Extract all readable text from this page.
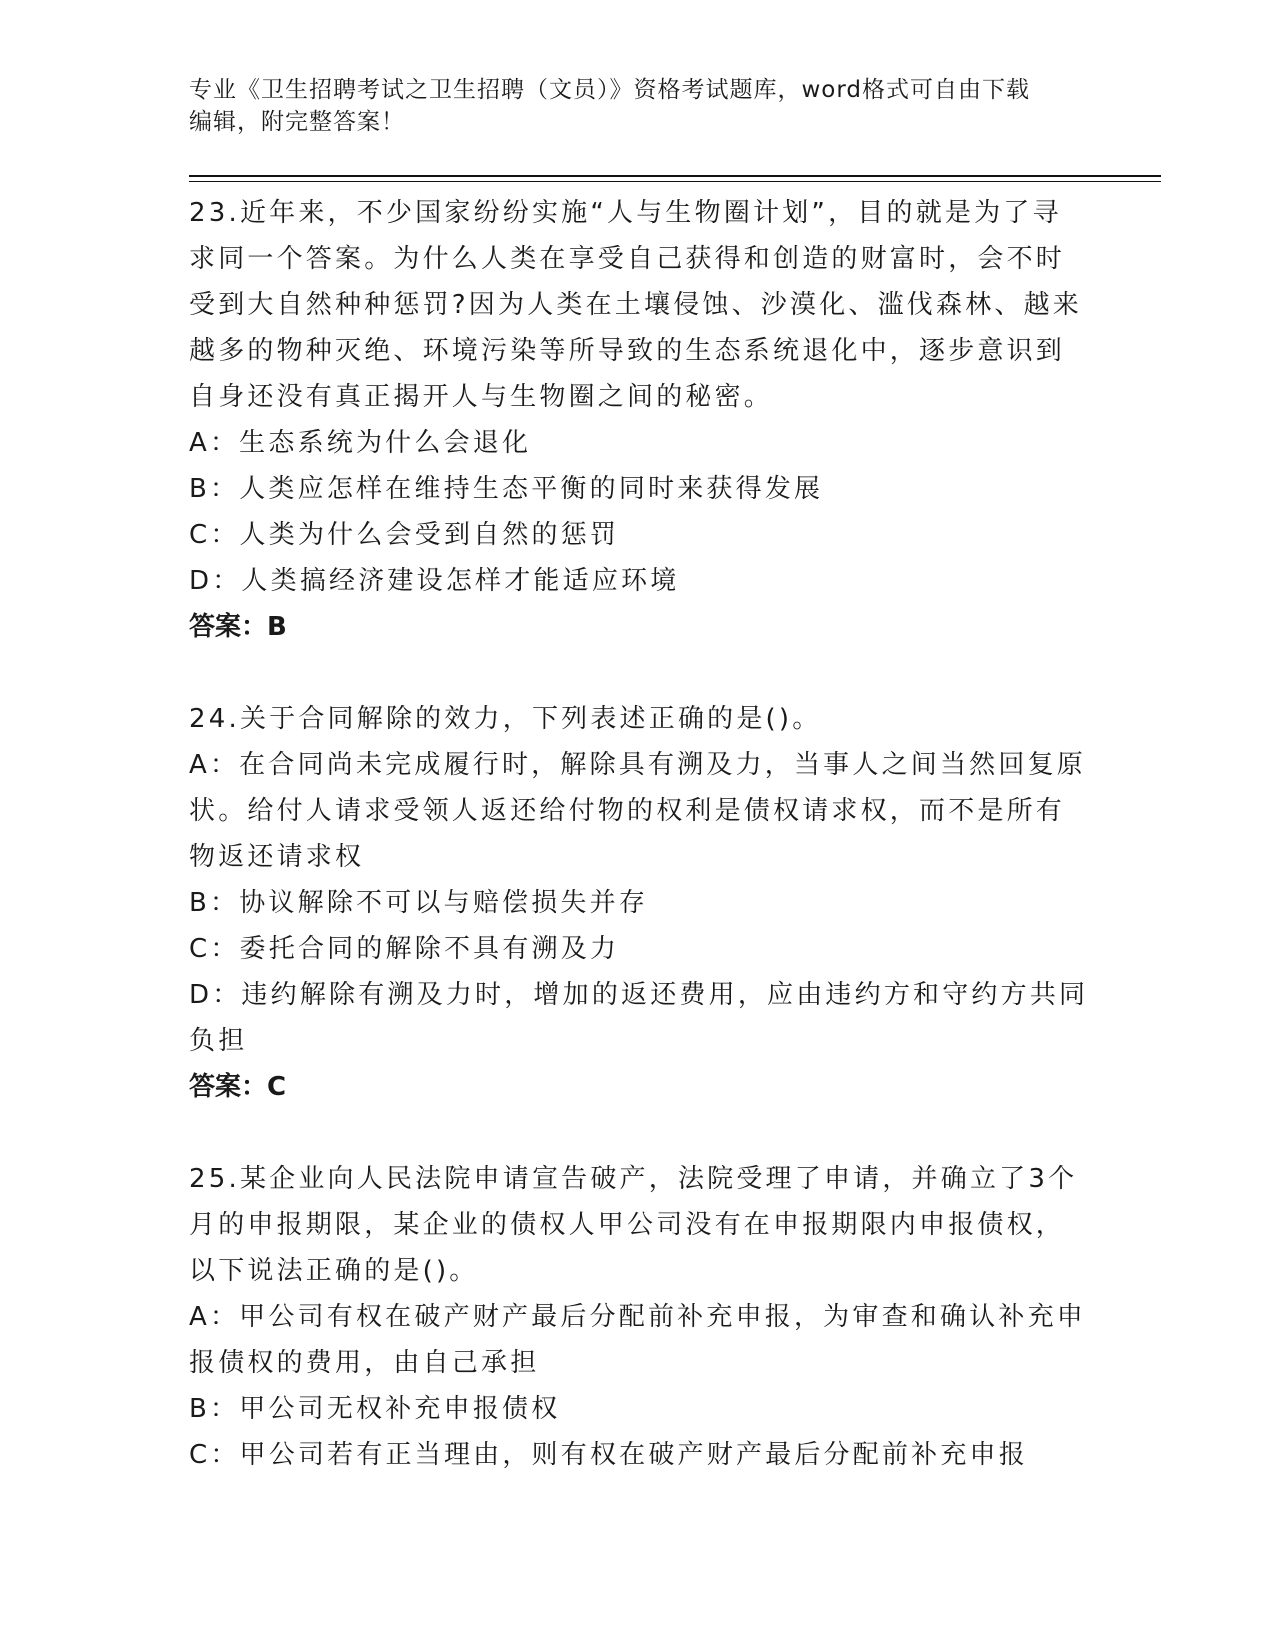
专业《卫生招聘考试之卫生招聘（文员）》资格考试题库，word格式可自由下载
编辑，附完整答案！

23.近年来，不少国家纷纷实施“人与生物圈计划”，目的就是为了寻

求同一个答案。为什么人类在享受自己获得和创造的财富时，会不时

受到大自然种种惩罚?因为人类在土壤侵蚀、沙漠化、滥伐森林、越来

越多的物种灭绝、环境污染等所导致的生态系统退化中，逐步意识到

自身还没有真正揭开人与生物圈之间的秘密。

A：生态系统为什么会退化

B：人类应怎样在维持生态平衡的同时来获得发展

C：人类为什么会受到自然的惩罚

D：人类搞经济建设怎样才能适应环境

答案：B

24.关于合同解除的效力，下列表述正确的是()。

A：在合同尚未完成履行时，解除具有溯及力，当事人之间当然回复原

状。给付人请求受领人返还给付物的权利是债权请求权，而不是所有

物返还请求权

B：协议解除不可以与赔偿损失并存

C：委托合同的解除不具有溯及力

D：违约解除有溯及力时，增加的返还费用，应由违约方和守约方共同

负担

答案：C

25.某企业向人民法院申请宣告破产，法院受理了申请，并确立了3个

月的申报期限，某企业的债权人甲公司没有在申报期限内申报债权，

以下说法正确的是()。

A：甲公司有权在破产财产最后分配前补充申报，为审查和确认补充申

报债权的费用，由自己承担

B：甲公司无权补充申报债权

C：甲公司若有正当理由，则有权在破产财产最后分配前补充申报
